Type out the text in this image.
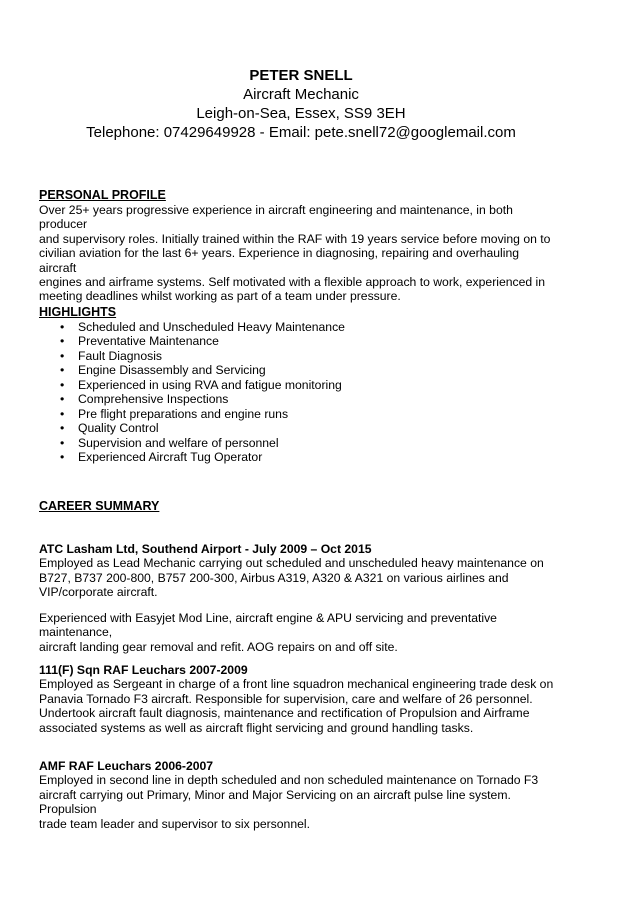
PETER SNELL
Aircraft Mechanic
Leigh-on-Sea, Essex, SS9 3EH
Telephone: 07429649928 - Email: pete.snell72@googlemail.com
PERSONAL PROFILE
Over 25+ years progressive experience in aircraft engineering and maintenance, in both producer
and supervisory roles. Initially trained within the RAF with 19 years service before moving on to
civilian aviation for the last 6+ years. Experience in diagnosing, repairing and overhauling aircraft
engines and airframe systems. Self motivated with a flexible approach to work, experienced in
meeting deadlines whilst working as part of a team under pressure.
HIGHLIGHTS
• Scheduled and Unscheduled Heavy Maintenance
• Preventative Maintenance
• Fault Diagnosis
• Engine Disassembly and Servicing
• Experienced in using RVA and fatigue monitoring
• Comprehensive Inspections
• Pre flight preparations and engine runs
• Quality Control
• Supervision and welfare of personnel
• Experienced Aircraft Tug Operator
CAREER SUMMARY
ATC Lasham Ltd, Southend Airport - July 2009 – Oct 2015
Employed as Lead Mechanic carrying out scheduled and unscheduled heavy maintenance on
B727, B737 200-800, B757 200-300, Airbus A319, A320 & A321 on various airlines and
VIP/corporate aircraft.
Experienced with Easyjet Mod Line, aircraft engine & APU servicing and preventative maintenance,
aircraft landing gear removal and refit. AOG repairs on and off site.
111(F) Sqn RAF Leuchars 2007-2009
Employed as Sergeant in charge of a front line squadron mechanical engineering trade desk on
Panavia Tornado F3 aircraft. Responsible for supervision, care and welfare of 26 personnel.
Undertook aircraft fault diagnosis, maintenance and rectification of Propulsion and Airframe
associated systems as well as aircraft flight servicing and ground handling tasks.
AMF RAF Leuchars 2006-2007
Employed in second line in depth scheduled and non scheduled maintenance on Tornado F3
aircraft carrying out Primary, Minor and Major Servicing on an aircraft pulse line system. Propulsion
trade team leader and supervisor to six personnel.
